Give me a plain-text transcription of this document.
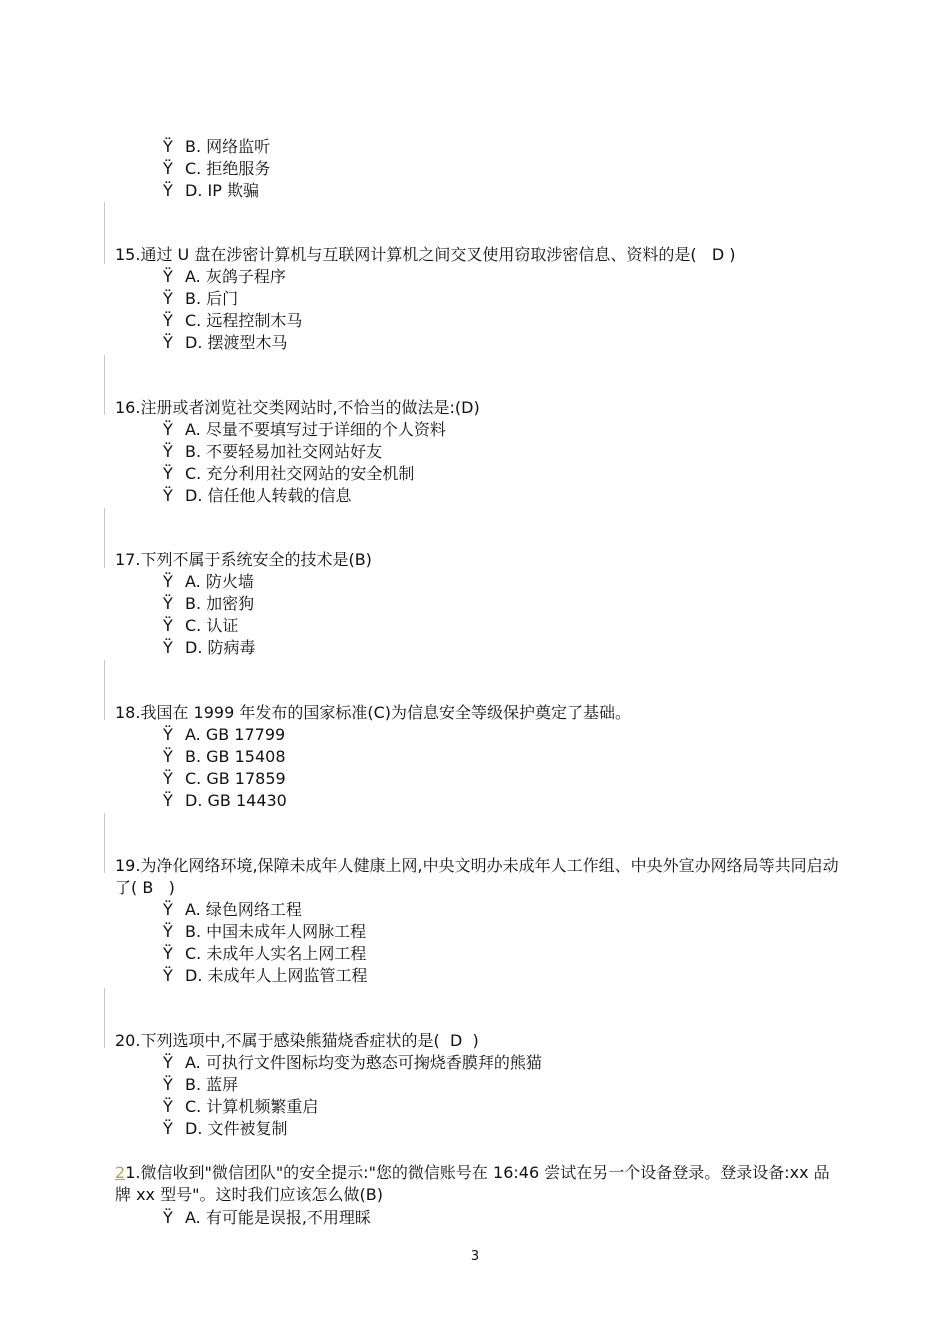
Ÿ B. 网络监听
Ÿ C. 拒绝服务
Ÿ D. IP 欺骗
15.通过 U 盘在涉密计算机与互联网计算机之间交叉使用窃取涉密信息、资料的是(   D )
Ÿ A. 灰鸽子程序
Ÿ B. 后门
Ÿ C. 远程控制木马
Ÿ D. 摆渡型木马
16.注册或者浏览社交类网站时,不恰当的做法是:(D)
Ÿ A. 尽量不要填写过于详细的个人资料
Ÿ B. 不要轻易加社交网站好友
Ÿ C. 充分利用社交网站的安全机制
Ÿ D. 信任他人转载的信息
17.下列不属于系统安全的技术是(B)
Ÿ A. 防火墙
Ÿ B. 加密狗
Ÿ C. 认证
Ÿ D. 防病毒
18.我国在 1999 年发布的国家标准(C)为信息安全等级保护奠定了基础。
Ÿ A. GB 17799
Ÿ B. GB 15408
Ÿ C. GB 17859
Ÿ D. GB 14430
19.为净化网络环境,保障未成年人健康上网,中央文明办未成年人工作组、中央外宣办网络局等共同启动了( B   )
Ÿ A. 绿色网络工程
Ÿ B. 中国未成年人网脉工程
Ÿ C. 未成年人实名上网工程
Ÿ D. 未成年人上网监管工程
20.下列选项中,不属于感染熊猫烧香症状的是(  D  )
Ÿ A. 可执行文件图标均变为憨态可掬烧香膜拜的熊猫
Ÿ B. 蓝屏
Ÿ C. 计算机频繁重启
Ÿ D. 文件被复制
21.微信收到"微信团队"的安全提示:"您的微信账号在 16:46 尝试在另一个设备登录。登录设备:xx 品牌 xx 型号"。这时我们应该怎么做(B)
Ÿ A. 有可能是误报,不用理睬
3
